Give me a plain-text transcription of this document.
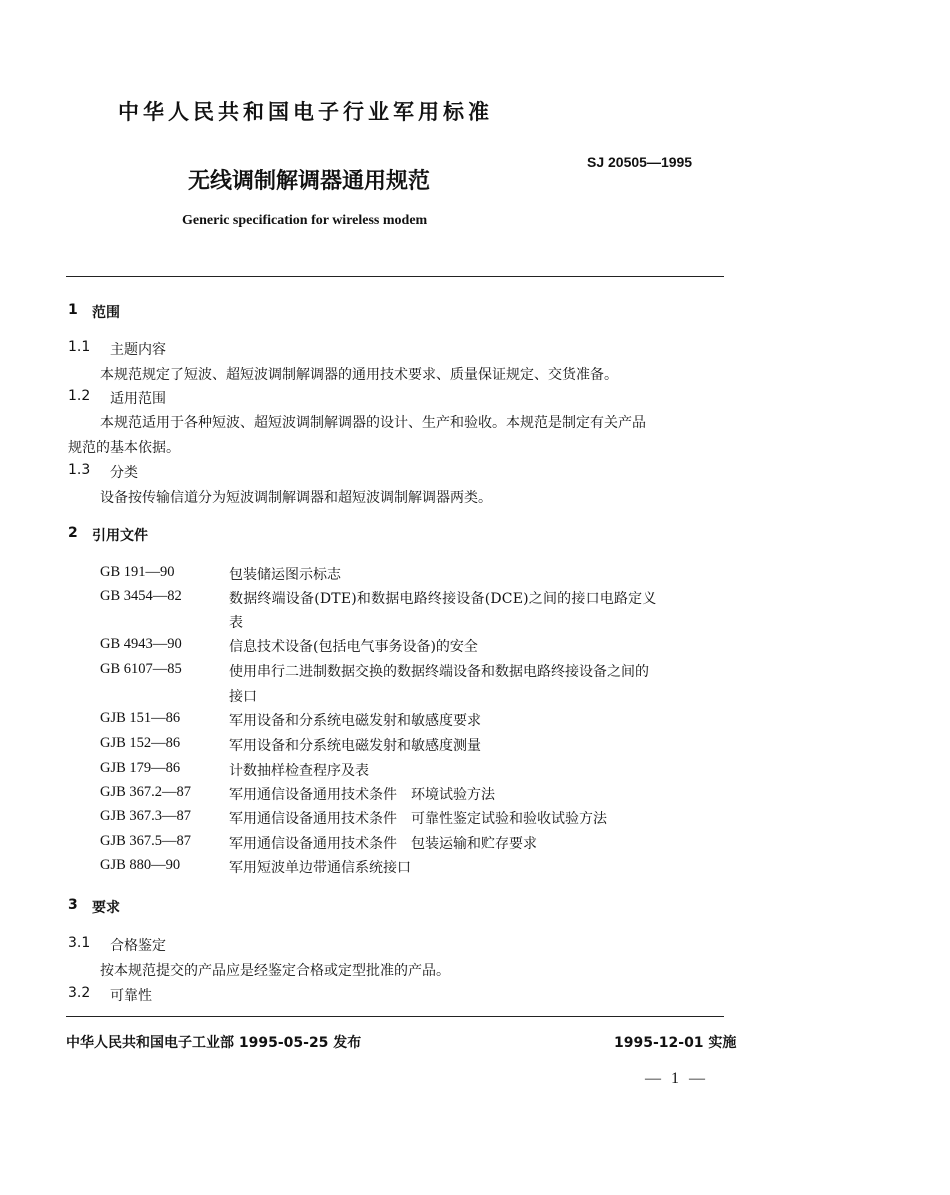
中华人民共和国电子行业军用标准
无线调制解调器通用规范
SJ 20505—1995
Generic specification for wireless modem
1 范围
1.1 主题内容
本规范规定了短波、超短波调制解调器的通用技术要求、质量保证规定、交货准备。
1.2 适用范围
本规范适用于各种短波、超短波调制解调器的设计、生产和验收。本规范是制定有关产品
规范的基本依据。
1.3 分类
设备按传输信道分为短波调制解调器和超短波调制解调器两类。
2 引用文件
GB 191—90	包装储运图示标志
GB 3454—82	数据终端设备(DTE)和数据电路终接设备(DCE)之间的接口电路定义
表
GB 4943—90	信息技术设备(包括电气事务设备)的安全
GB 6107—85	使用串行二进制数据交换的数据终端设备和数据电路终接设备之间的
接口
GJB 151—86	军用设备和分系统电磁发射和敏感度要求
GJB 152—86	军用设备和分系统电磁发射和敏感度测量
GJB 179—86	计数抽样检查程序及表
GJB 367.2—87	军用通信设备通用技术条件　环境试验方法
GJB 367.3—87	军用通信设备通用技术条件　可靠性鉴定试验和验收试验方法
GJB 367.5—87	军用通信设备通用技术条件　包装运输和贮存要求
GJB 880—90	军用短波单边带通信系统接口
3 要求
3.1 合格鉴定
按本规范提交的产品应是经鉴定合格或定型批准的产品。
3.2 可靠性
中华人民共和国电子工业部 1995-05-25 发布	1995-12-01 实施
— 1 —
